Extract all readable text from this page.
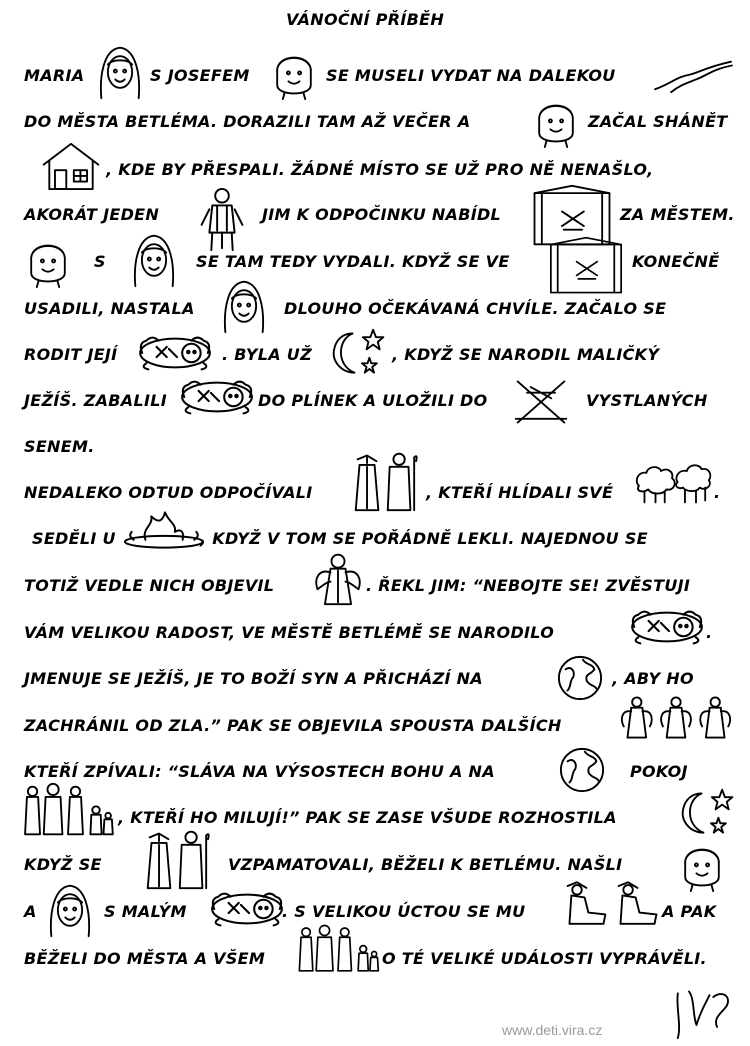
VÁNOČNÍ PŘÍBĚH
MARIA	S JOSEFEM	SE MUSELI VYDAT NA DALEKOU
DO MĚSTA BETLÉMA. DORAZILI TAM AŽ VEČER A	ZAČAL SHÁNĚT
, KDE BY PŘESPALI. ŽÁDNÉ MÍSTO SE UŽ PRO NĚ NENAŠLO,
AKORÁT JEDEN	JIM K ODPOČINKU NABÍDL	ZA MĚSTEM.
S	SE TAM TEDY VYDALI. KDYŽ SE VE	KONEČNĚ
USADILI, NASTALA	DLOUHO OČEKÁVANÁ CHVÍLE. ZAČALO SE
RODIT JEJÍ	. BYLA UŽ	, KDYŽ SE NARODIL MALIČKÝ
JEŽÍŠ. ZABALILI	DO PLÍNEK A ULOŽILI DO	VYSTLANÝCH
SENEM.
NEDALEKO ODTUD ODPOČÍVALI	, KTEŘÍ HLÍDALI SVÉ	.
SEDĚLI U	, KDYŽ V TOM SE POŘÁDNĚ LEKLI. NAJEDNOU SE
TOTIŽ VEDLE NICH OBJEVIL	. ŘEKL JIM: “NEBOJTE SE! ZVĚSTUJI
VÁM VELIKOU RADOST, VE MĚSTĚ BETLÉMĚ SE NARODILO	.
JMENUJE SE JEŽÍŠ, JE TO BOŽÍ SYN A PŘICHÁZÍ NA	, ABY HO
ZACHRÁNIL OD ZLA.” PAK SE OBJEVILA SPOUSTA DALŠÍCH
KTEŘÍ ZPÍVALI: “SLÁVA NA VÝSOSTECH BOHU A NA	POKOJ
, KTEŘÍ HO MILUJÍ!” PAK SE ZASE VŠUDE ROZHOSTILA
KDYŽ SE	VZPAMATOVALI, BĚŽELI K BETLÉMU. NAŠLI
A	S MALÝM	. S VELIKOU ÚCTOU SE MU	A PAK
BĚŽELI DO MĚSTA A VŠEM	O TÉ VELIKÉ UDÁLOSTI VYPRÁVĚLI.
www.deti.vira.cz
